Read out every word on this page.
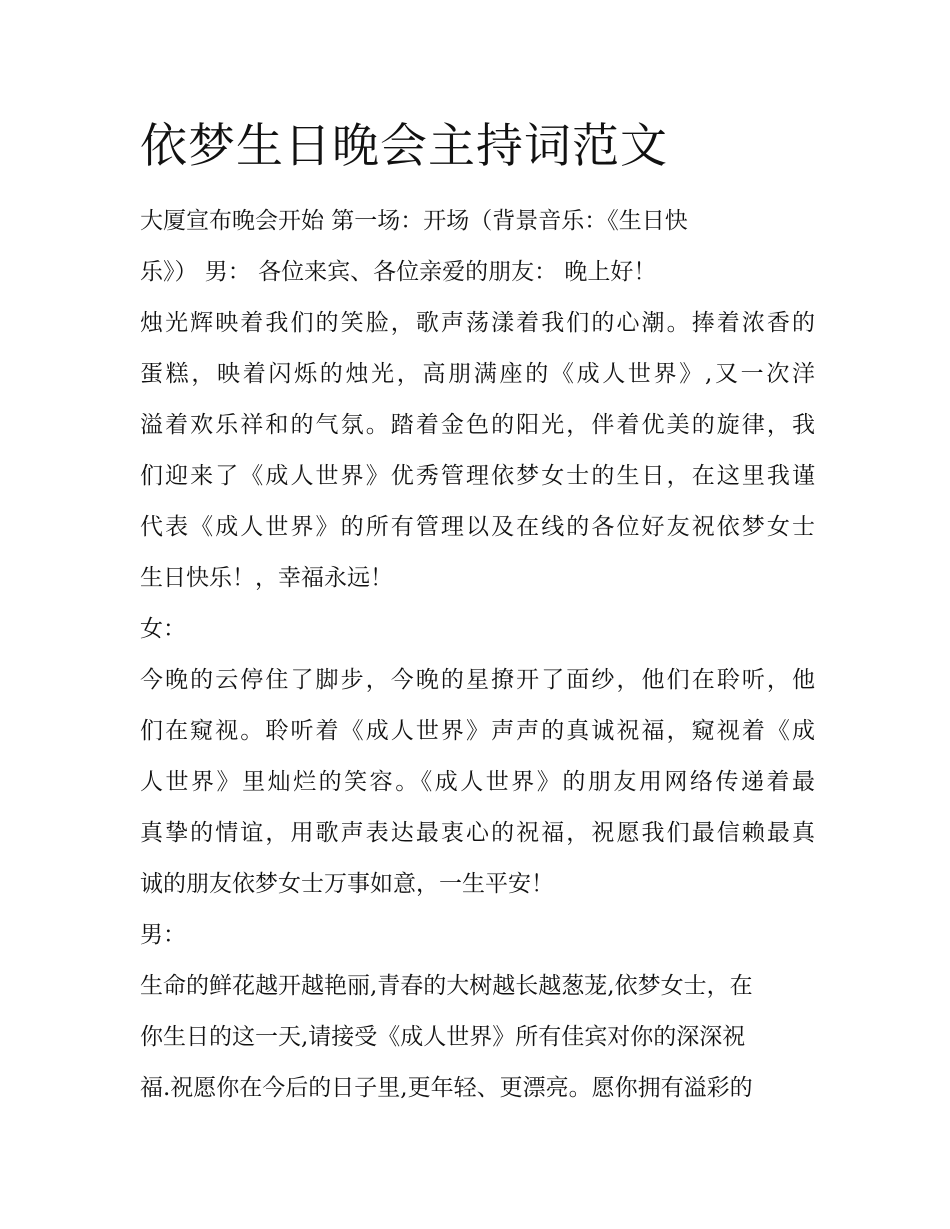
依梦生日晚会主持词范文

大厦宣布晚会开始 第一场：开场（背景音乐：《生日快

乐》） 男： 各位来宾、各位亲爱的朋友： 晚上好！

烛光辉映着我们的笑脸，歌声荡漾着我们的心潮。捧着浓香的

蛋糕，映着闪烁的烛光，高朋满座的《成人世界》,又一次洋

溢着欢乐祥和的气氛。踏着金色的阳光，伴着优美的旋律，我

们迎来了《成人世界》优秀管理依梦女士的生日，在这里我谨

代表《成人世界》的所有管理以及在线的各位好友祝依梦女士

生日快乐！，幸福永远！

女：

今晚的云停住了脚步，今晚的星撩开了面纱，他们在聆听，他

们在窥视。聆听着《成人世界》声声的真诚祝福，窥视着《成

人世界》里灿烂的笑容。《成人世界》的朋友用网络传递着最

真挚的情谊，用歌声表达最衷心的祝福，祝愿我们最信赖最真

诚的朋友依梦女士万事如意，一生平安！

男：

生命的鲜花越开越艳丽,青春的大树越长越葱茏,依梦女士，在

你生日的这一天,请接受《成人世界》所有佳宾对你的深深祝

福.祝愿你在今后的日子里,更年轻、更漂亮。愿你拥有溢彩的
